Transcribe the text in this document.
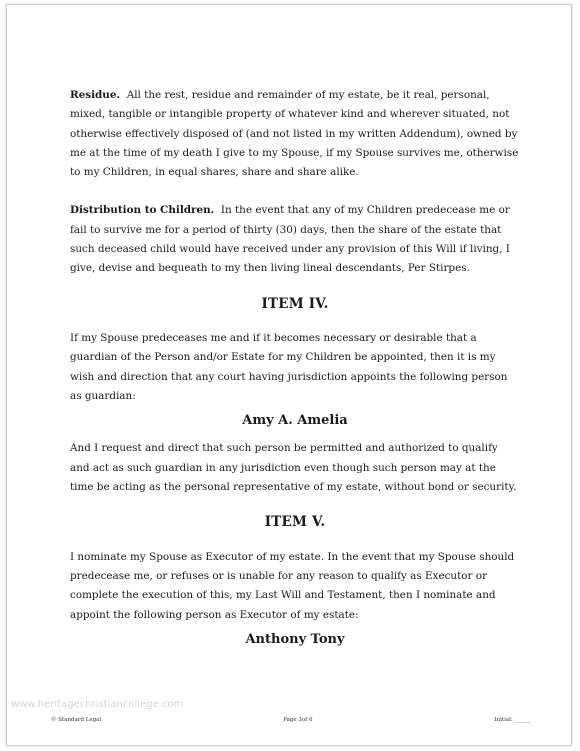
Residue. All the rest, residue and remainder of my estate, be it real, personal, mixed, tangible or intangible property of whatever kind and wherever situated, not otherwise effectively disposed of (and not listed in my written Addendum), owned by me at the time of my death I give to my Spouse, if my Spouse survives me, otherwise to my Children, in equal shares, share and share alike.

Distribution to Children. In the event that any of my Children predecease me or fail to survive me for a period of thirty (30) days, then the share of the estate that such deceased child would have received under any provision of this Will if living, I give, devise and bequeath to my then living lineal descendants, Per Stirpes.

ITEM IV.

If my Spouse predeceases me and if it becomes necessary or desirable that a guardian of the Person and/or Estate for my Children be appointed, then it is my wish and direction that any court having jurisdiction appoints the following person as guardian:

Amy A. Amelia

And I request and direct that such person be permitted and authorized to qualify and act as such guardian in any jurisdiction even though such person may at the time be acting as the personal representative of my estate, without bond or security.

ITEM V.

I nominate my Spouse as Executor of my estate. In the event that my Spouse should predecease me, or refuses or is unable for any reason to qualify as Executor or complete the execution of this, my Last Will and Testament, then I nominate and appoint the following person as Executor of my estate:

Anthony Tony
www.heritagechristiancollege.com
© Standard Legal	Page 3of 6	Initial: ______
